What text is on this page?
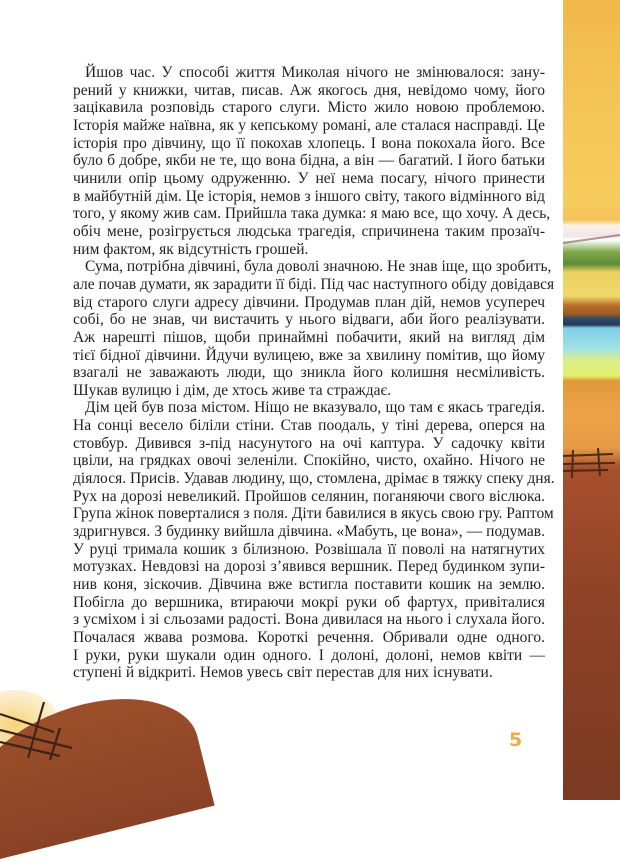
Йшов час. У способі життя Миколая нічого не змінювалося: зану-
рений у книжки, читав, писав. Аж якогось дня, невідомо чому, його
зацікавила розповідь старого слуги. Місто жило новою проблемою.
Історія майже наївна, як у кепському романі, але сталася насправді. Це
історія про дівчину, що її покохав хлопець. І вона покохала його. Все
було б добре, якби не те, що вона бідна, а він — багатий. І його батьки
чинили опір цьому одруженню. У неї нема посагу, нічого принести
в майбутній дім. Це історія, немов з іншого світу, такого відмінного від
того, у якому жив сам. Прийшла така думка: я маю все, що хочу. А десь,
обіч мене, розігрується людська трагедія, спричинена таким прозаїч-
ним фактом, як відсутність грошей.
Сума, потрібна дівчині, була доволі значною. Не знав іще, що зробить,
але почав думати, як зарадити її біді. Під час наступного обіду довідався
від старого слуги адресу дівчини. Продумав план дій, немов усупереч
собі, бо не знав, чи вистачить у нього відваги, аби його реалізувати.
Аж нарешті пішов, щоби принаймні побачити, який на вигляд дім
тієї бідної дівчини. Йдучи вулицею, вже за хвилину помітив, що йому
взагалі не заважають люди, що зникла його колишня несміливість.
Шукав вулицю і дім, де хтось живе та страждає.
Дім цей був поза містом. Ніщо не вказувало, що там є якась трагедія.
На сонці весело біліли стіни. Став поодаль, у тіні дерева, оперся на
стовбур. Дивився з-під насунутого на очі каптура. У садочку квіти
цвіли, на грядках овочі зеленіли. Спокійно, чисто, охайно. Нічого не
діялося. Присів. Удавав людину, що, стомлена, дрімає в тяжку спеку дня.
Рух на дорозі невеликий. Пройшов селянин, поганяючи свого віслюка.
Група жінок поверталися з поля. Діти бавилися в якусь свою гру. Раптом
здригнувся. З будинку вийшла дівчина. «Мабуть, це вона», — подумав.
У руці тримала кошик з білизною. Розвішала її поволі на натягнутих
мотузках. Невдовзі на дорозі з’явився вершник. Перед будинком зупи-
нив коня, зіскочив. Дівчина вже встигла поставити кошик на землю.
Побігла до вершника, втираючи мокрі руки об фартух, привіталися
з усміхом і зі сльозами радості. Вона дивилася на нього і слухала його.
Почалася жвава розмова. Короткі речення. Обривали одне одного.
І руки, руки шукали один одного. І долоні, долоні, немов квіти —
ступені й відкриті. Немов увесь світ перестав для них існувати.
5
